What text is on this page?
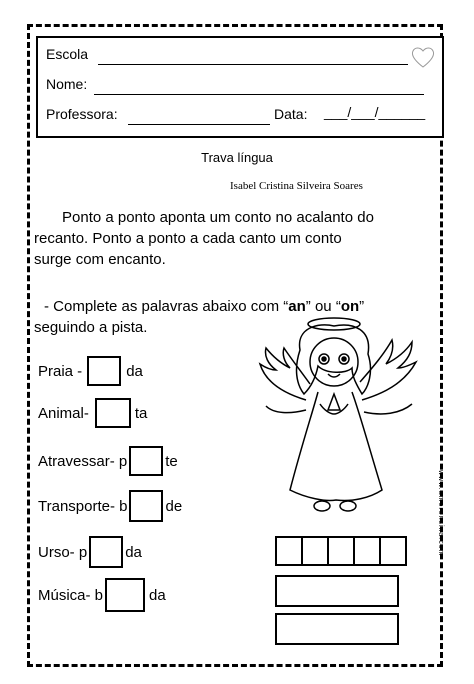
Escola
Nome:
Professora:	Data: ___/___/______
Trava língua
Isabel Cristina Silveira Soares
Ponto a ponto aponta um conto no acalanto do
recanto. Ponto a ponto a cada canto um conto
surge com encanto.
- Complete as palavras abaixo com “an” ou “on”
seguindo a pista.
Praia -	da
Animal-	ta
Atravessar- p	te
Transporte- b	de
Urso- p	da
Música- b	da
www.amorensina.com
